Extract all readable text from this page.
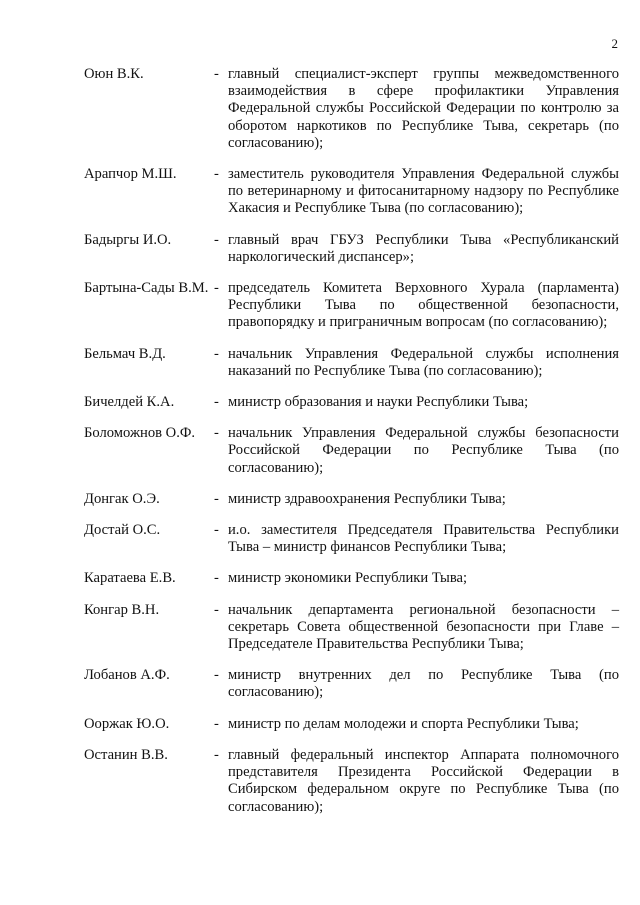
2
Оюн В.К.	- главный специалист-эксперт группы межведомственного взаимодействия в сфере профилактики Управления Федеральной службы Российской Федерации по контролю за оборотом наркотиков по Республике Тыва, секретарь (по согласованию);
Арапчор М.Ш.	- заместитель руководителя Управления Федеральной службы по ветеринарному и фитосанитарному надзору по Республике Хакасия и Республике Тыва (по согласованию);
Бадыргы И.О.	- главный врач ГБУЗ Республики Тыва «Республиканский наркологический диспансер»;
Бартына-Сады В.М. - председатель Комитета Верховного Хурала (парламента) Республики Тыва по общественной безопасности, правопорядку и приграничным вопросам (по согласованию);
Бельмач В.Д.	- начальник Управления Федеральной службы исполнения наказаний по Республике Тыва (по согласованию);
Бичелдей К.А.	- министр образования и науки Республики Тыва;
Боломожнов О.Ф.	- начальник Управления Федеральной службы безопасности Российской Федерации по Республике Тыва (по согласованию);
Донгак О.Э.	- министр здравоохранения Республики Тыва;
Достай О.С.	- и.о. заместителя Председателя Правительства Республики Тыва – министр финансов Республики Тыва;
Каратаева Е.В.	- министр экономики Республики Тыва;
Конгар В.Н.	- начальник департамента региональной безопасности – секретарь Совета общественной безопасности при Главе – Председателе Правительства Республики Тыва;
Лобанов А.Ф.	- министр внутренних дел по Республике Тыва (по согласованию);
Ооржак Ю.О.	- министр по делам молодежи и спорта Республики Тыва;
Останин В.В.	- главный федеральный инспектор Аппарата полномочного представителя Президента Российской Федерации в Сибирском федеральном округе по Республике Тыва (по согласованию);
